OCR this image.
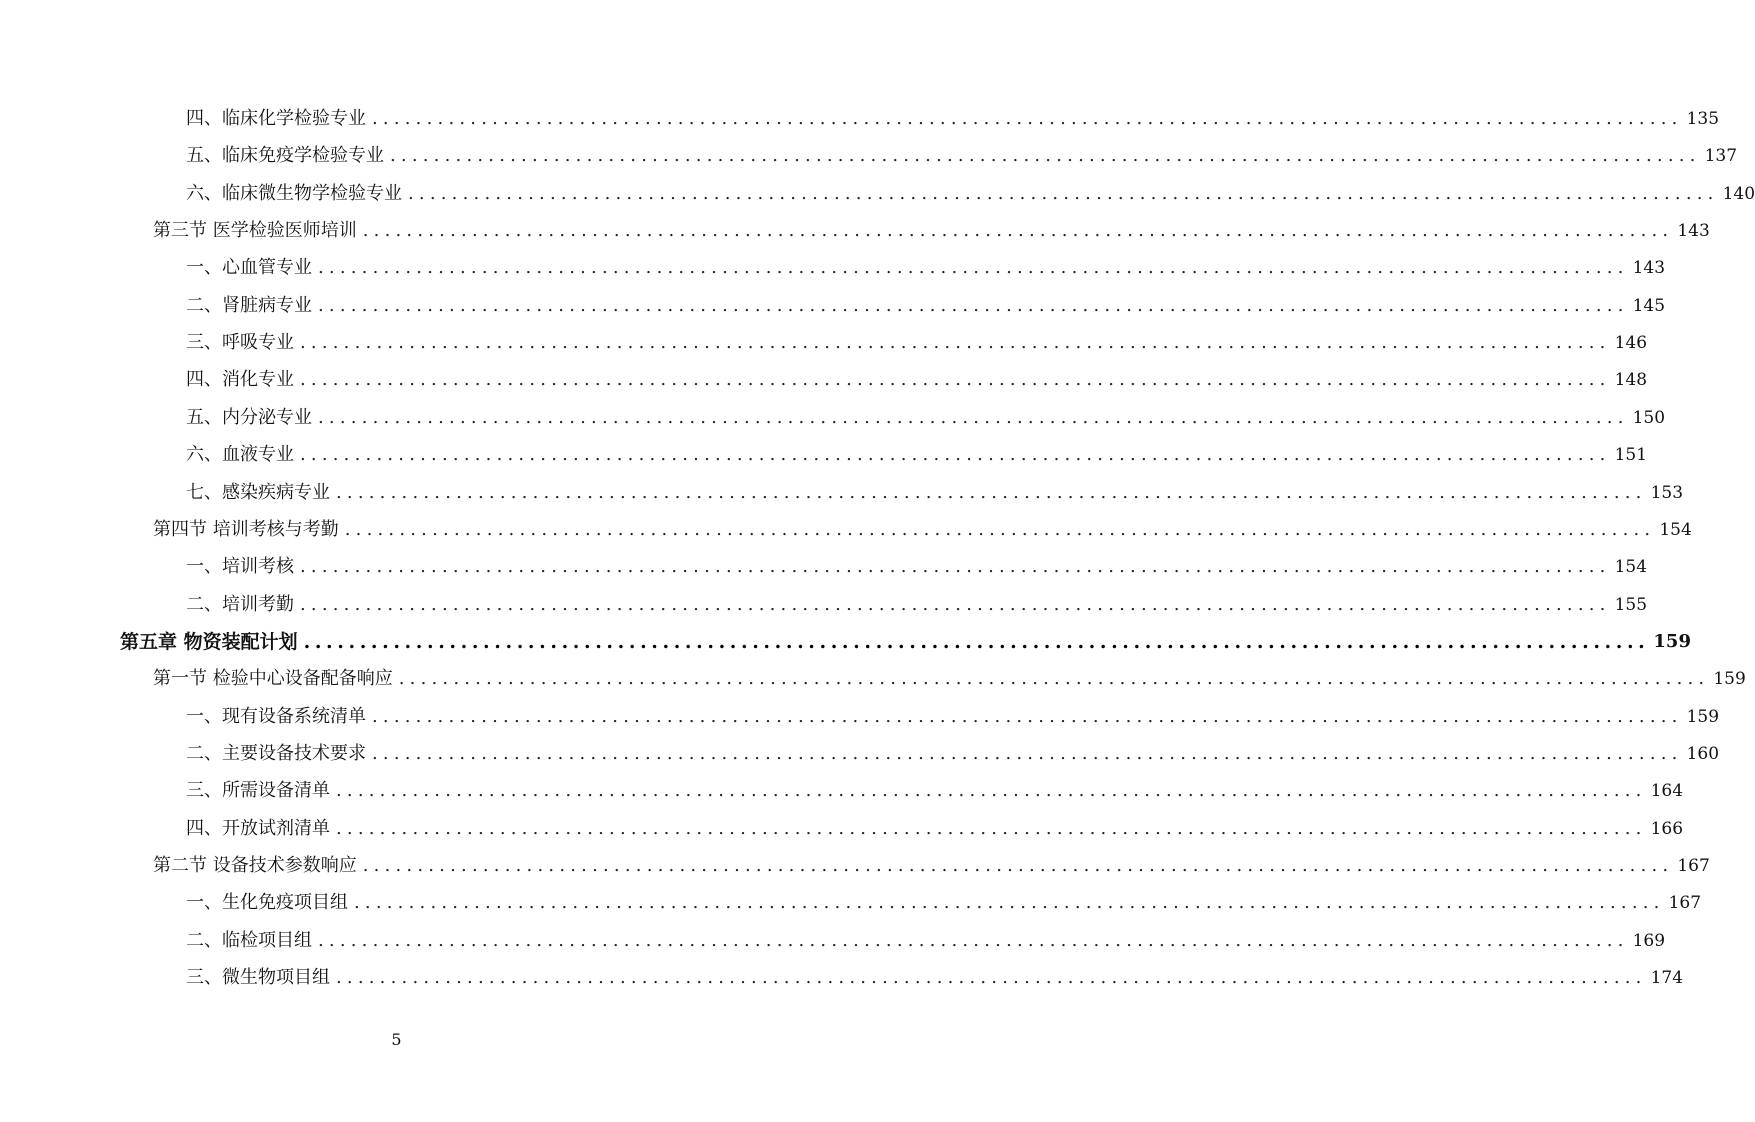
四、临床化学检验专业 ........................................................................................................................ 135
五、临床免疫学检验专业 ........................................................................................................................ 137
六、临床微生物学检验专业 ........................................................................................................................ 140
第三节 医学检验医师培训 ........................................................................................................................ 143
一、心血管专业 ........................................................................................................................ 143
二、肾脏病专业 ........................................................................................................................ 145
三、呼吸专业 ........................................................................................................................ 146
四、消化专业 ........................................................................................................................ 148
五、内分泌专业 ........................................................................................................................ 150
六、血液专业 ........................................................................................................................ 151
七、感染疾病专业 ........................................................................................................................ 153
第四节 培训考核与考勤 ........................................................................................................................ 154
一、培训考核 ........................................................................................................................ 154
二、培训考勤 ........................................................................................................................ 155
第五章 物资装配计划 ........................................................................................................................ 159
第一节 检验中心设备配备响应 ........................................................................................................................ 159
一、现有设备系统清单 ........................................................................................................................ 159
二、主要设备技术要求 ........................................................................................................................ 160
三、所需设备清单 ........................................................................................................................ 164
四、开放试剂清单 ........................................................................................................................ 166
第二节 设备技术参数响应 ........................................................................................................................ 167
一、生化免疫项目组 ........................................................................................................................ 167
二、临检项目组 ........................................................................................................................ 169
三、微生物项目组 ........................................................................................................................ 174
5
